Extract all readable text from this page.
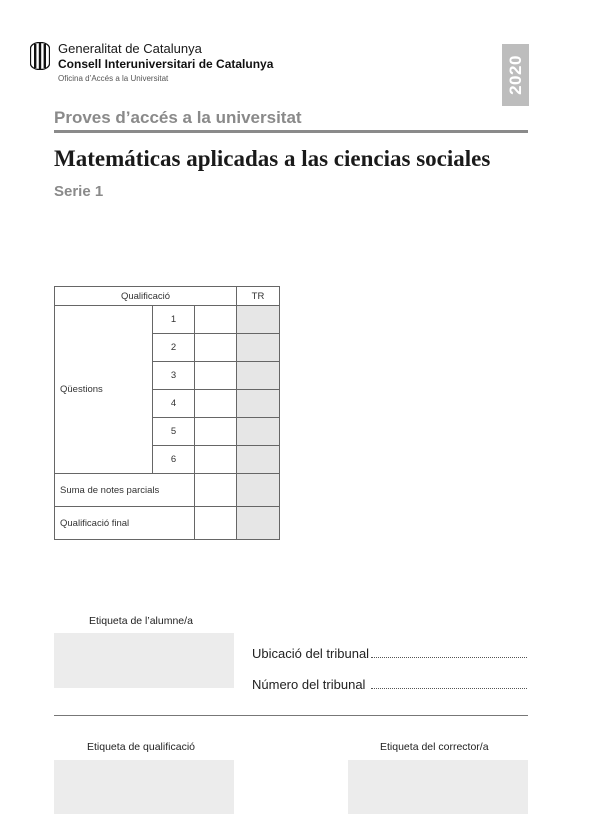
Generalitat de Catalunya
Consell Interuniversitari de Catalunya
Oficina d’Accés a la Universitat	2020
Proves d’accés a la universitat
Matemáticas aplicadas a las ciencias sociales
Serie 1
Qualificació			TR
Qüestions	1		
	2		
	3		
	4		
	5		
	6		
Suma de notes parcials			
Qualificació final			
Etiqueta de l’alumne/a
Ubicació del tribunal
Número del tribunal
Etiqueta de qualificació	Etiqueta del corrector/a
